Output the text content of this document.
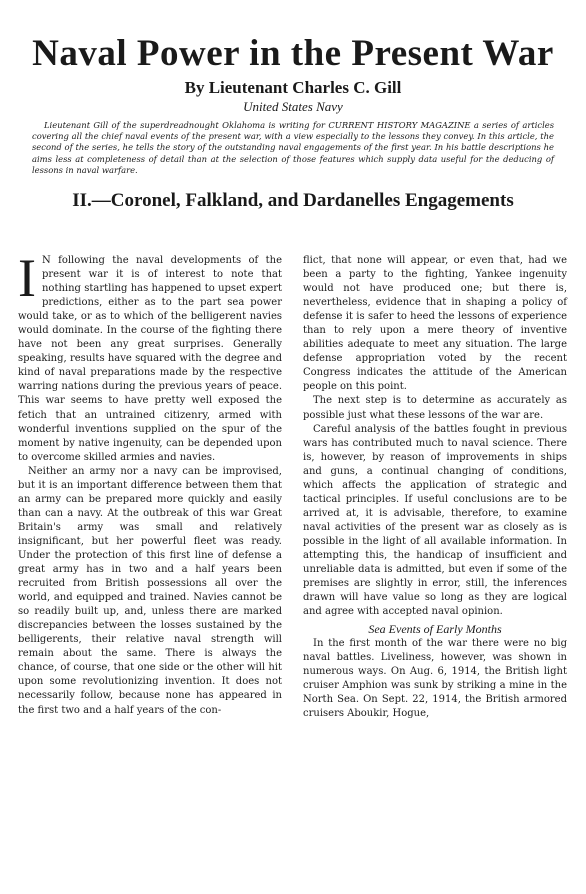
Naval Power in the Present War
By Lieutenant Charles C. Gill
United States Navy

Lieutenant Gill of the superdreadnought Oklahoma is writing for CURRENT HISTORY MAGAZINE a series of articles covering all the chief naval events of the present war, with a view especially to the lessons they convey. In this article, the second of the series, he tells the story of the outstanding naval engagements of the first year. In his battle descriptions he aims less at completeness of detail than at the selection of those features which supply data useful for the deducing of lessons in naval warfare.

II.—Coronel, Falkland, and Dardanelles Engagements
I N following the naval developments of the present war it is of interest to note that nothing startling has happened to upset expert predictions, either as to the part sea power would take, or as to which of the belligerent navies would dominate. In the course of the fighting there have not been any great surprises. Generally speaking, results have squared with the degree and kind of naval preparations made by the respective warring nations during the previous years of peace. This war seems to have pretty well exposed the fetich that an untrained citizenry, armed with wonderful inventions supplied on the spur of the moment by native ingenuity, can be depended upon to overcome skilled armies and navies.

Neither an army nor a navy can be improvised, but it is an important difference between them that an army can be prepared more quickly and easily than can a navy. At the outbreak of this war Great Britain's army was small and relatively insignificant, but her powerful fleet was ready. Under the protection of this first line of defense a great army has in two and a half years been recruited from British possessions all over the world, and equipped and trained. Navies cannot be so readily built up, and, unless there are marked discrepancies between the losses sustained by the belligerents, their relative naval strength will remain about the same. There is always the chance, of course, that one side or the other will hit upon some revolutionizing invention. It does not necessarily follow, because none has appeared in the first two and a half years of the con-

flict, that none will appear, or even that, had we been a party to the fighting, Yankee ingenuity would not have produced one; but there is, nevertheless, evidence that in shaping a policy of defense it is safer to heed the lessons of experience than to rely upon a mere theory of inventive abilities adequate to meet any situation. The large defense appropriation voted by the recent Congress indicates the attitude of the American people on this point.

The next step is to determine as accurately as possible just what these lessons of the war are.

Careful analysis of the battles fought in previous wars has contributed much to naval science. There is, however, by reason of improvements in ships and guns, a continual changing of conditions, which affects the application of strategic and tactical principles. If useful conclusions are to be arrived at, it is advisable, therefore, to examine naval activities of the present war as closely as is possible in the light of all available information. In attempting this, the handicap of insufficient and unreliable data is admitted, but even if some of the premises are slightly in error, still, the inferences drawn will have value so long as they are logical and agree with accepted naval opinion.

Sea Events of Early Months

In the first month of the war there were no big naval battles. Liveliness, however, was shown in numerous ways. On Aug. 6, 1914, the British light cruiser Amphion was sunk by striking a mine in the North Sea. On Sept. 22, 1914, the British armored cruisers Aboukir, Hogue,
